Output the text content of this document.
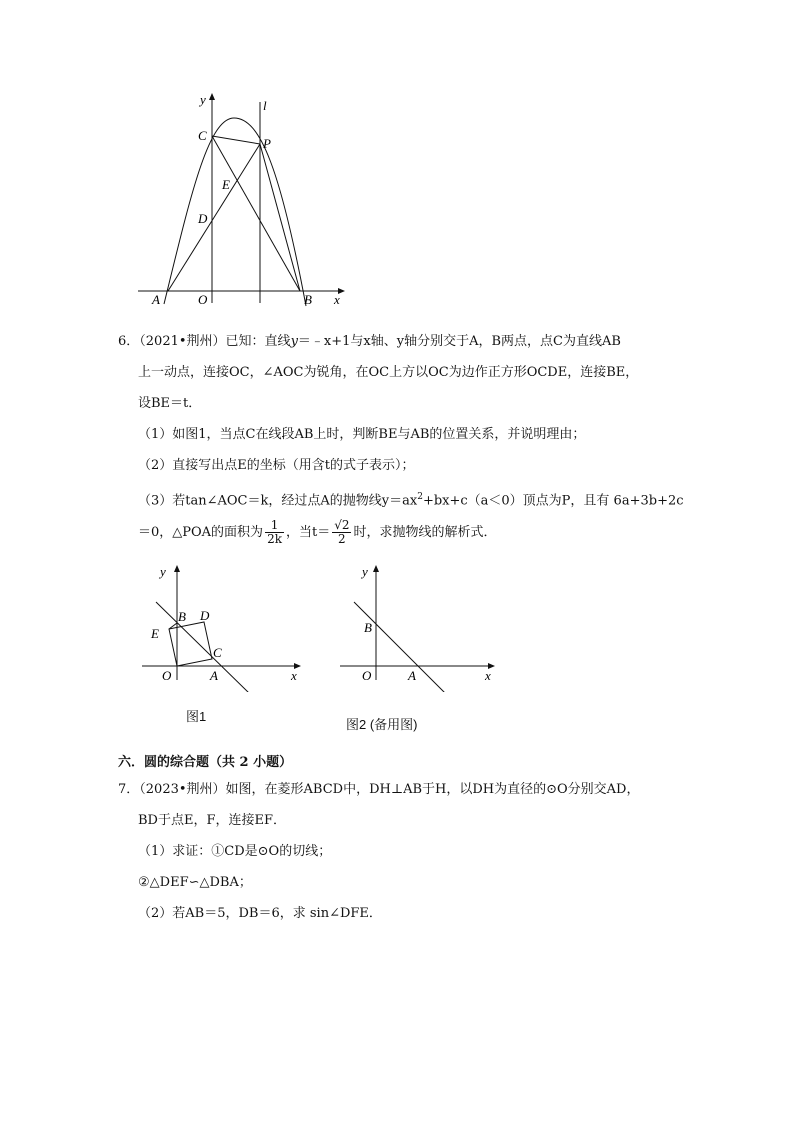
y	l
C
P
E
D
A	O	B x
6．（2021•荆州）已知：直线y＝﹣x+1与x轴、y轴分别交于A，B两点，点C为直线AB
上一动点，连接OC，∠AOC为锐角，在OC上方以OC为边作正方形OCDE，连接BE，
设BE＝t．
（1）如图1，当点C在线段AB上时，判断BE与AB的位置关系，并说明理由；
（2）直接写出点E的坐标（用含t的式子表示）；
（3）若tan∠AOC＝k，经过点A的抛物线$y=ax^2+bx+c(a<0)$顶点为P，且有 6a+3b+2c
＝0，△POA的面积为 $\frac{1}{2k}$ ，当$t= \frac{√2}{2}$ 时，求抛物线的解析式．
y
B D
E
C
O	A	x
图1
y
B
O	A	x
图2 (备用图)
六．圆的综合题（共 2 小题）
7．（2023•荆州）如图，在菱形ABCD中，DH⊥AB于H，以DH为直径的⊙O分别交AD，
BD于点E，F，连接EF．
（1）求证：①CD是⊙O的切线；
②△DEF∽△DBA；
（2）若AB＝5，DB＝6，求 sin∠DFE．
